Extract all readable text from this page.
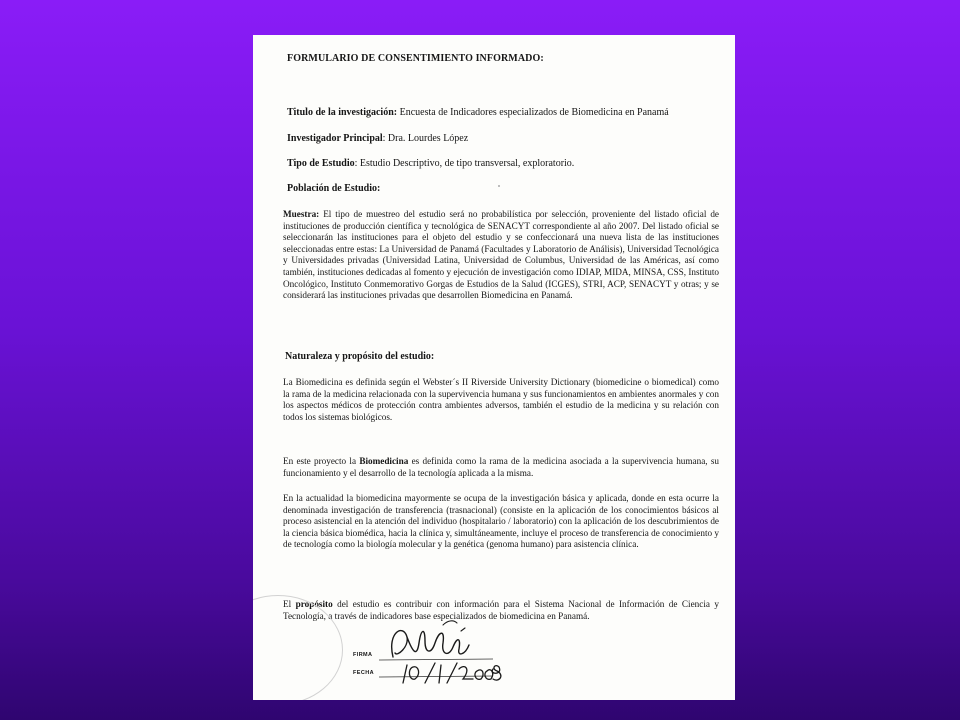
FORMULARIO DE CONSENTIMIENTO INFORMADO:
Titulo de la investigación: Encuesta de Indicadores especializados de Biomedicina en Panamá
Investigador Principal: Dra. Lourdes López
Tipo de Estudio: Estudio Descriptivo, de tipo transversal, exploratorio.
Población de Estudio:
Muestra: El tipo de muestreo del estudio será no probabilística por selección, proveniente del listado oficial de instituciones de producción científica y tecnológica de SENACYT correspondiente al año 2007. Del listado oficial se seleccionarán las instituciones para el objeto del estudio y se confeccionará una nueva lista de las instituciones seleccionadas entre estas: La Universidad de Panamá (Facultades y Laboratorio de Análisis), Universidad Tecnológica y Universidades privadas (Universidad Latina, Universidad de Columbus, Universidad de las Américas, así como también, instituciones dedicadas al fomento y ejecución de investigación como IDIAP, MIDA, MINSA, CSS, Instituto Oncológico, Instituto Conmemorativo Gorgas de Estudios de la Salud (ICGES), STRI, ACP, SENACYT y otras; y se considerará las instituciones privadas que desarrollen Biomedicina en Panamá.
Naturaleza y propósito del estudio:
La Biomedicina es definida según el Webster´s II Riverside University Dictionary (biomedicine o biomedical) como la rama de la medicina relacionada con la supervivencia humana y sus funcionamientos en ambientes anormales y con los aspectos médicos de protección contra ambientes adversos, también el estudio de la medicina y su relación con todos los sistemas biológicos.
En este proyecto la Biomedicina es definida como la rama de la medicina asociada a la supervivencia humana, su funcionamiento y el desarrollo de la tecnología aplicada a la misma.
En la actualidad la biomedicina mayormente se ocupa de la investigación básica y aplicada, donde en esta ocurre la denominada investigación de transferencia (trasnacional) (consiste en la aplicación de los conocimientos básicos al proceso asistencial en la atención del individuo (hospitalario / laboratorio) con la aplicación de los descubrimientos de la ciencia básica biomédica, hacia la clínica y, simultáneamente, incluye el proceso de transferencia de conocimiento y de tecnología como la biología molecular y la genética (genoma humano) para asistencia clínica.
El propósito del estudio es contribuir con información para el Sistema Nacional de Información de Ciencia y Tecnología, a través de indicadores base especializados de biomedicina en Panamá.
FIRMA
FECHA
